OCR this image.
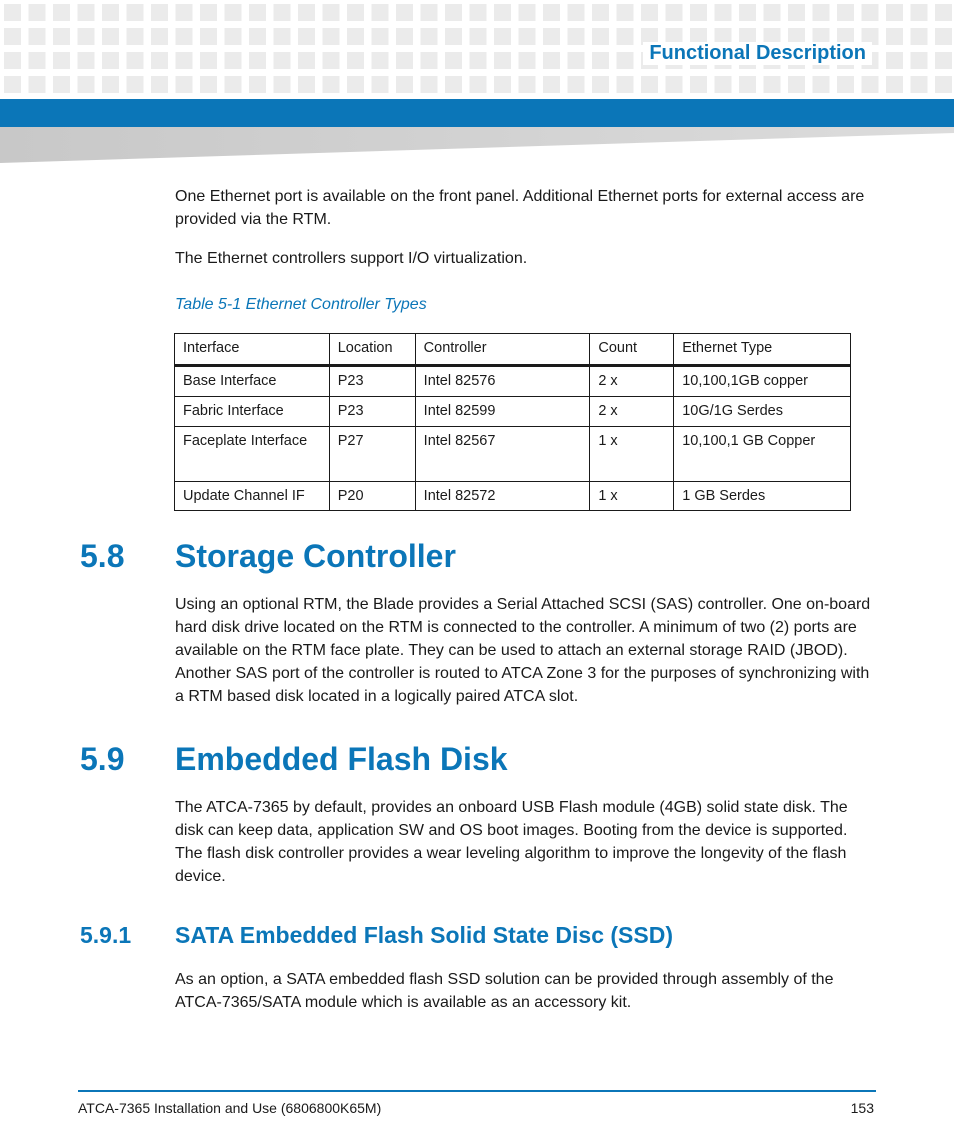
Functional Description

One Ethernet port is available on the front panel. Additional Ethernet ports for external access are provided via the RTM.

The Ethernet controllers support I/O virtualization.

Table 5-1 Ethernet Controller Types

Interface	Location	Controller	Count	Ethernet Type
Base Interface	P23	Intel 82576	2 x	10,100,1GB copper
Fabric Interface	P23	Intel 82599	2 x	10G/1G Serdes
Faceplate Interface	P27	Intel 82567	1 x	10,100,1 GB Copper
Update Channel IF	P20	Intel 82572	1 x	1 GB Serdes
5.8 Storage Controller

Using an optional RTM, the Blade provides a Serial Attached SCSI (SAS) controller. One on-board hard disk drive located on the RTM is connected to the controller. A minimum of two (2) ports are available on the RTM face plate. They can be used to attach an external storage RAID (JBOD). Another SAS port of the controller is routed to ATCA Zone 3 for the purposes of synchronizing with a RTM based disk located in a logically paired ATCA slot.

5.9 Embedded Flash Disk

The ATCA-7365 by default, provides an onboard USB Flash module (4GB) solid state disk. The disk can keep data, application SW and OS boot images. Booting from the device is supported. The flash disk controller provides a wear leveling algorithm to improve the longevity of the flash device.

5.9.1 SATA Embedded Flash Solid State Disc (SSD)

As an option, a SATA embedded flash SSD solution can be provided through assembly of the ATCA-7365/SATA module which is available as an accessory kit.

ATCA-7365 Installation and Use (6806800K65M)	153
